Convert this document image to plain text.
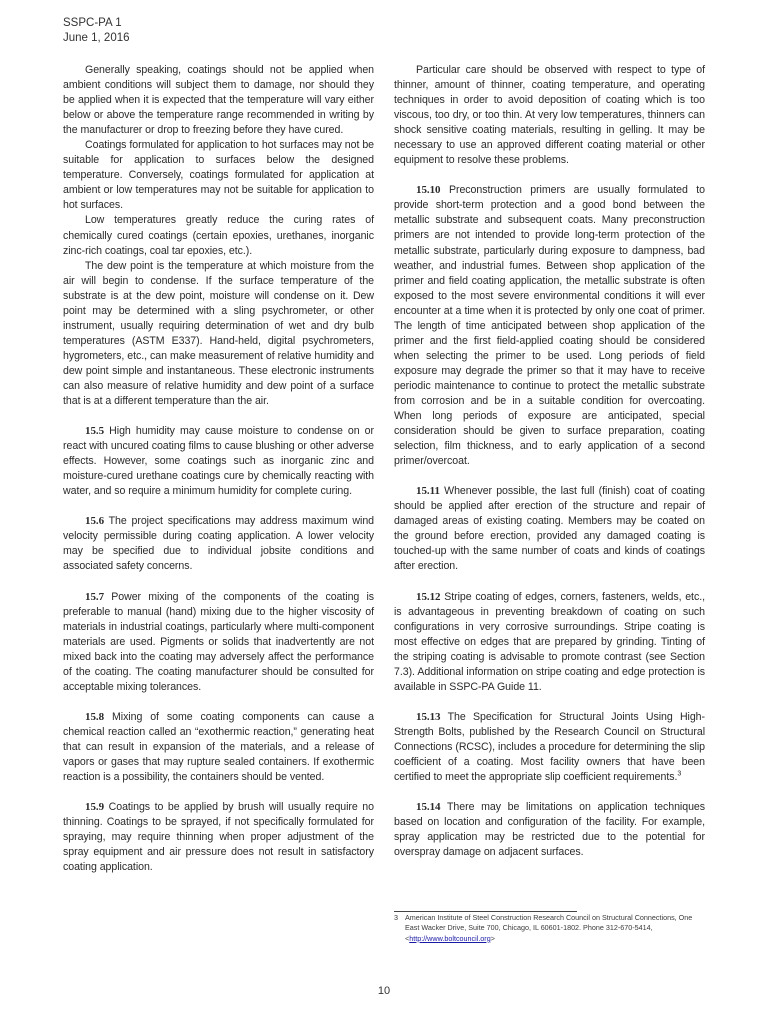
SSPC-PA 1
June 1, 2016

Generally speaking, coatings should not be applied when ambient conditions will subject them to damage, nor should they be applied when it is expected that the temperature will vary either below or above the temperature range recommended in writing by the manufacturer or drop to freezing before they have cured.

Coatings formulated for application to hot surfaces may not be suitable for application to surfaces below the designed temperature. Conversely, coatings formulated for application at ambient or low temperatures may not be suitable for application to hot surfaces.

Low temperatures greatly reduce the curing rates of chemically cured coatings (certain epoxies, urethanes, inorganic zinc-rich coatings, coal tar epoxies, etc.).

The dew point is the temperature at which moisture from the air will begin to condense. If the surface temperature of the substrate is at the dew point, moisture will condense on it. Dew point may be determined with a sling psychrometer, or other instrument, usually requiring determination of wet and dry bulb temperatures (ASTM E337). Hand-held, digital psychrometers, hygrometers, etc., can make measurement of relative humidity and dew point simple and instantaneous. These electronic instruments can also measure of relative humidity and dew point of a surface that is at a different temperature than the air.

15.5 High humidity may cause moisture to condense on or react with uncured coating films to cause blushing or other adverse effects. However, some coatings such as inorganic zinc and moisture-cured urethane coatings cure by chemically reacting with water, and so require a minimum humidity for complete curing.

15.6 The project specifications may address maximum wind velocity permissible during coating application. A lower velocity may be specified due to individual jobsite conditions and associated safety concerns.

15.7 Power mixing of the components of the coating is preferable to manual (hand) mixing due to the higher viscosity of materials in industrial coatings, particularly where multi-component materials are used. Pigments or solids that inadvertently are not mixed back into the coating may adversely affect the performance of the coating. The coating manufacturer should be consulted for acceptable mixing tolerances.

15.8 Mixing of some coating components can cause a chemical reaction called an “exothermic reaction,” generating heat that can result in expansion of the materials, and a release of vapors or gases that may rupture sealed containers. If exothermic reaction is a possibility, the containers should be vented.

15.9 Coatings to be applied by brush will usually require no thinning. Coatings to be sprayed, if not specifically formulated for spraying, may require thinning when proper adjustment of the spray equipment and air pressure does not result in satisfactory coating application.

Particular care should be observed with respect to type of thinner, amount of thinner, coating temperature, and operating techniques in order to avoid deposition of coating which is too viscous, too dry, or too thin. At very low temperatures, thinners can shock sensitive coating materials, resulting in gelling. It may be necessary to use an approved different coating material or other equipment to resolve these problems.

15.10 Preconstruction primers are usually formulated to provide short-term protection and a good bond between the metallic substrate and subsequent coats. Many preconstruction primers are not intended to provide long-term protection of the metallic substrate, particularly during exposure to dampness, bad weather, and industrial fumes. Between shop application of the primer and field coating application, the metallic substrate is often exposed to the most severe environmental conditions it will ever encounter at a time when it is protected by only one coat of primer. The length of time anticipated between shop application of the primer and the first field-applied coating should be considered when selecting the primer to be used. Long periods of field exposure may degrade the primer so that it may have to receive periodic maintenance to continue to protect the metallic substrate from corrosion and be in a suitable condition for overcoating. When long periods of exposure are anticipated, special consideration should be given to surface preparation, coating selection, film thickness, and to early application of a second primer/overcoat.

15.11 Whenever possible, the last full (finish) coat of coating should be applied after erection of the structure and repair of damaged areas of existing coating. Members may be coated on the ground before erection, provided any damaged coating is touched-up with the same number of coats and kinds of coatings after erection.

15.12 Stripe coating of edges, corners, fasteners, welds, etc., is advantageous in preventing breakdown of coating on such configurations in very corrosive surroundings. Stripe coating is most effective on edges that are prepared by grinding. Tinting of the striping coating is advisable to promote contrast (see Section 7.3). Additional information on stripe coating and edge protection is available in SSPC-PA Guide 11.

15.13 The Specification for Structural Joints Using High-Strength Bolts, published by the Research Council on Structural Connections (RCSC), includes a procedure for determining the slip coefficient of a coating. Most facility owners that have been certified to meet the appropriate slip coefficient requirements.$^3$

15.14 There may be limitations on application techniques based on location and configuration of the facility. For example, spray application may be restricted due to the potential for overspray damage on adjacent surfaces.

3 American Institute of Steel Construction Research Council on Structural Connections, One East Wacker Drive, Suite 700, Chicago, IL 60601-1802. Phone 312-670-5414, <http://www.boltcouncil.org>
10
